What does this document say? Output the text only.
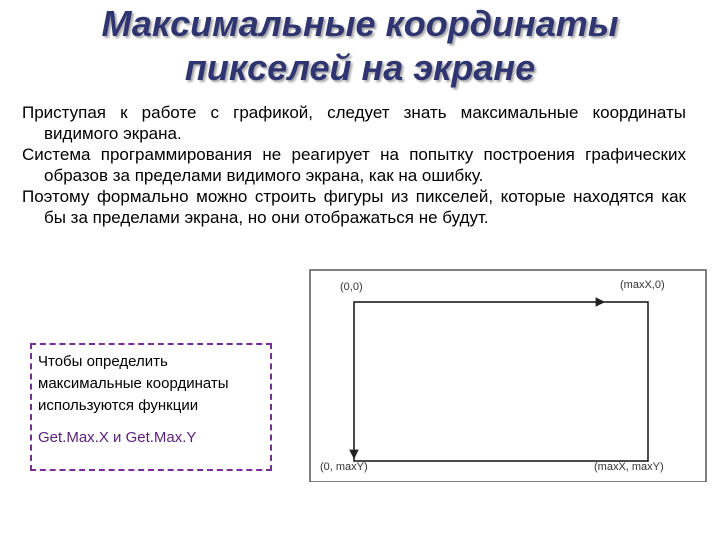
Максимальные координаты
пикселей на экране

Приступая к работе с графикой, следует знать максимальные координаты видимого экрана.

Система программирования не реагирует на попытку построения графических образов за пределами видимого экрана, как на ошибку.

Поэтому формально можно строить фигуры из пикселей, которые находятся как бы за пределами экрана, но они отображаться не будут.

Чтобы определить максимальные координаты используются функции
Get.Max.X и Get.Max.Y
(0,0)	(maxX,0)
(0, maxY)	(maxX, maxY)
